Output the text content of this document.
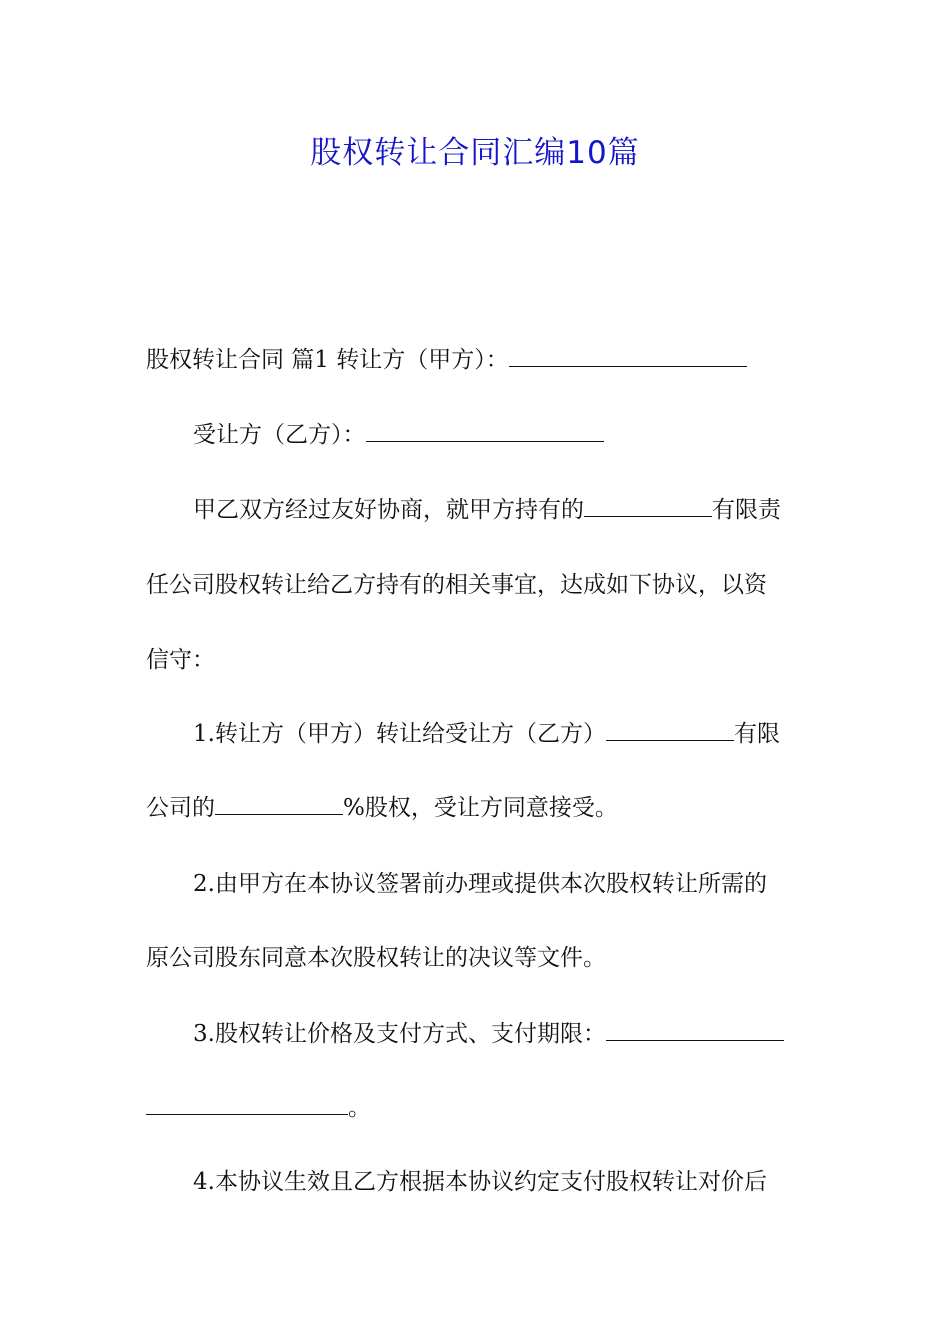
股权转让合同汇编10篇
股权转让合同 篇1 转让方（甲方）：
受让方（乙方）：
甲乙双方经过友好协商，就甲方持有的	有限责
任公司股权转让给乙方持有的相关事宜，达成如下协议，以资
信守：
1.转让方（甲方）转让给受让方（乙方）	有限
公司的	%股权，受让方同意接受。
2.由甲方在本协议签署前办理或提供本次股权转让所需的
原公司股东同意本次股权转让的决议等文件。
3.股权转让价格及支付方式、支付期限：
。
4.本协议生效且乙方根据本协议约定支付股权转让对价后
